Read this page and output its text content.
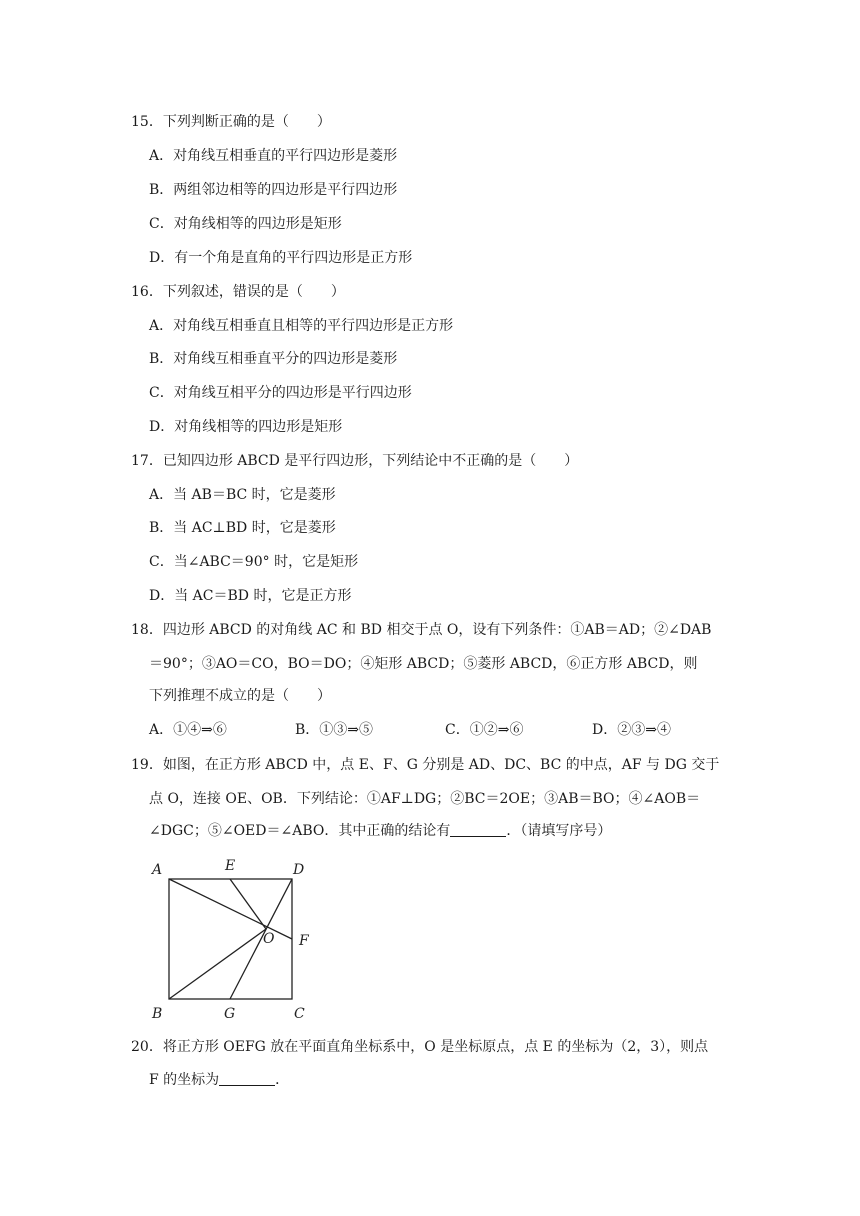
15．下列判断正确的是（　　）
A．对角线互相垂直的平行四边形是菱形
B．两组邻边相等的四边形是平行四边形
C．对角线相等的四边形是矩形
D．有一个角是直角的平行四边形是正方形
16．下列叙述，错误的是（　　）
A．对角线互相垂直且相等的平行四边形是正方形
B．对角线互相垂直平分的四边形是菱形
C．对角线互相平分的四边形是平行四边形
D．对角线相等的四边形是矩形
17．已知四边形 ABCD 是平行四边形，下列结论中不正确的是（　　）
A．当 AB＝BC 时，它是菱形
B．当 AC⊥BD 时，它是菱形
C．当∠ABC＝90° 时，它是矩形
D．当 AC＝BD 时，它是正方形
18．四边形 ABCD 的对角线 AC 和 BD 相交于点 O，设有下列条件：①AB＝AD；②∠DAB
＝90°；③AO＝CO，BO＝DO；④矩形 ABCD；⑤菱形 ABCD，⑥正方形 ABCD，则
下列推理不成立的是（　　）
A．①④⇒⑥	B．①③⇒⑤	C．①②⇒⑥	D．②③⇒④
19．如图，在正方形 ABCD 中，点 E、F、G 分别是 AD、DC、BC 的中点，AF 与 DG 交于
点 O，连接 OE、OB．下列结论：①AF⊥DG；②BC＝2OE；③AB＝BO；④∠AOB＝
∠DGC；⑤∠OED＝∠ABO．其中正确的结论有	．（请填写序号）
A	E	D
O F
B	G	C
20．将正方形 OEFG 放在平面直角坐标系中，O 是坐标原点，点 E 的坐标为（2，3），则点
F 的坐标为	．
